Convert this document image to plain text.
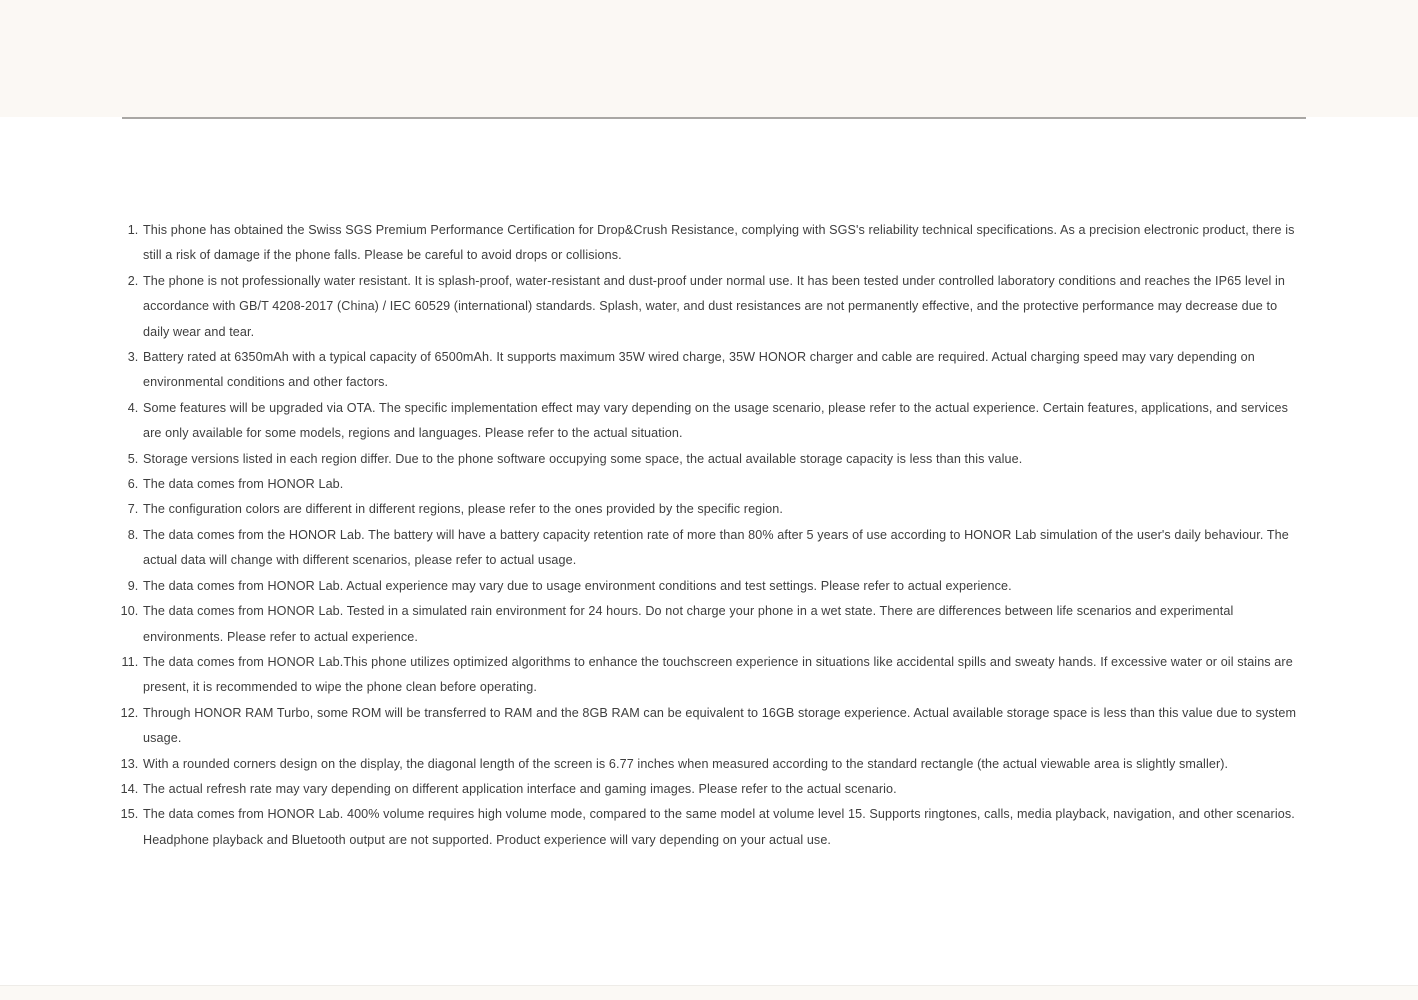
1. This phone has obtained the Swiss SGS Premium Performance Certification for Drop&Crush Resistance, complying with SGS's reliability technical specifications. As a precision electronic product, there is still a risk of damage if the phone falls. Please be careful to avoid drops or collisions.
2. The phone is not professionally water resistant. It is splash-proof, water-resistant and dust-proof under normal use. It has been tested under controlled laboratory conditions and reaches the IP65 level in accordance with GB/T 4208-2017 (China) / IEC 60529 (international) standards. Splash, water, and dust resistances are not permanently effective, and the protective performance may decrease due to daily wear and tear.
3. Battery rated at 6350mAh with a typical capacity of 6500mAh. It supports maximum 35W wired charge, 35W HONOR charger and cable are required. Actual charging speed may vary depending on environmental conditions and other factors.
4. Some features will be upgraded via OTA. The specific implementation effect may vary depending on the usage scenario, please refer to the actual experience. Certain features, applications, and services are only available for some models, regions and languages. Please refer to the actual situation.
5. Storage versions listed in each region differ. Due to the phone software occupying some space, the actual available storage capacity is less than this value.
6. The data comes from HONOR Lab.
7. The configuration colors are different in different regions, please refer to the ones provided by the specific region.
8. The data comes from the HONOR Lab. The battery will have a battery capacity retention rate of more than 80% after 5 years of use according to HONOR Lab simulation of the user's daily behaviour. The actual data will change with different scenarios, please refer to actual usage.
9. The data comes from HONOR Lab. Actual experience may vary due to usage environment conditions and test settings. Please refer to actual experience.
10. The data comes from HONOR Lab. Tested in a simulated rain environment for 24 hours. Do not charge your phone in a wet state. There are differences between life scenarios and experimental environments. Please refer to actual experience.
11. The data comes from HONOR Lab.This phone utilizes optimized algorithms to enhance the touchscreen experience in situations like accidental spills and sweaty hands. If excessive water or oil stains are present, it is recommended to wipe the phone clean before operating.
12. Through HONOR RAM Turbo, some ROM will be transferred to RAM and the 8GB RAM can be equivalent to 16GB storage experience. Actual available storage space is less than this value due to system usage.
13. With a rounded corners design on the display, the diagonal length of the screen is 6.77 inches when measured according to the standard rectangle (the actual viewable area is slightly smaller).
14. The actual refresh rate may vary depending on different application interface and gaming images. Please refer to the actual scenario.
15. The data comes from HONOR Lab. 400% volume requires high volume mode, compared to the same model at volume level 15. Supports ringtones, calls, media playback, navigation, and other scenarios. Headphone playback and Bluetooth output are not supported. Product experience will vary depending on your actual use.
